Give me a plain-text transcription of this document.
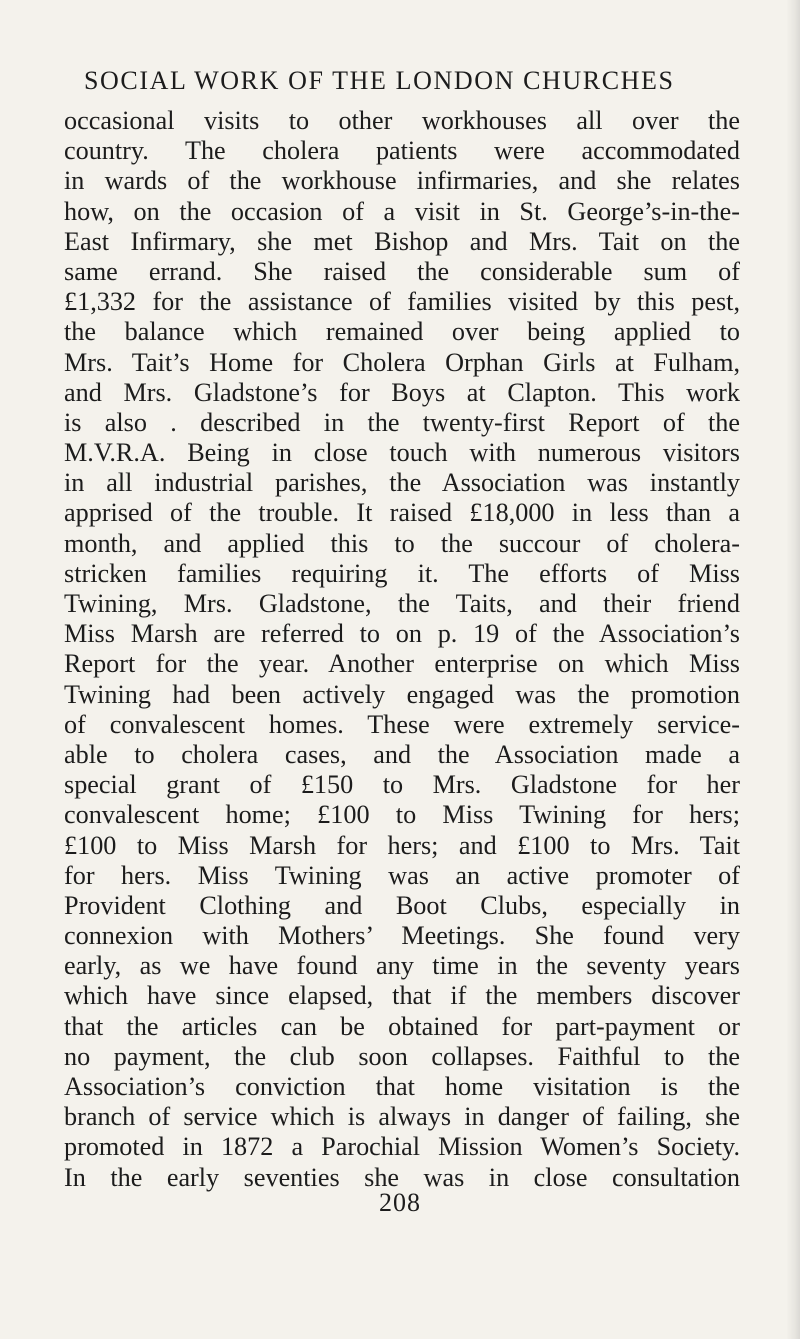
SOCIAL WORK OF THE LONDON CHURCHES
occasional visits to other workhouses all over the
country. The cholera patients were accommodated
in wards of the workhouse infirmaries, and she relates
how, on the occasion of a visit in St. George’s-in-the-
East Infirmary, she met Bishop and Mrs. Tait on the
same errand. She raised the considerable sum of
£1,332 for the assistance of families visited by this pest,
the balance which remained over being applied to
Mrs. Tait’s Home for Cholera Orphan Girls at Fulham,
and Mrs. Gladstone’s for Boys at Clapton. This work
is also . described in the twenty-first Report of the
M.V.R.A. Being in close touch with numerous visitors
in all industrial parishes, the Association was instantly
apprised of the trouble. It raised £18,000 in less than a
month, and applied this to the succour of cholera-
stricken families requiring it. The efforts of Miss
Twining, Mrs. Gladstone, the Taits, and their friend
Miss Marsh are referred to on p. 19 of the Association’s
Report for the year. Another enterprise on which Miss
Twining had been actively engaged was the promotion
of convalescent homes. These were extremely service-
able to cholera cases, and the Association made a
special grant of £150 to Mrs. Gladstone for her
convalescent home; £100 to Miss Twining for hers;
£100 to Miss Marsh for hers; and £100 to Mrs. Tait
for hers. Miss Twining was an active promoter of
Provident Clothing and Boot Clubs, especially in
connexion with Mothers’ Meetings. She found very
early, as we have found any time in the seventy years
which have since elapsed, that if the members discover
that the articles can be obtained for part-payment or
no payment, the club soon collapses. Faithful to the
Association’s conviction that home visitation is the
branch of service which is always in danger of failing, she
promoted in 1872 a Parochial Mission Women’s Society.
In the early seventies she was in close consultation
208
